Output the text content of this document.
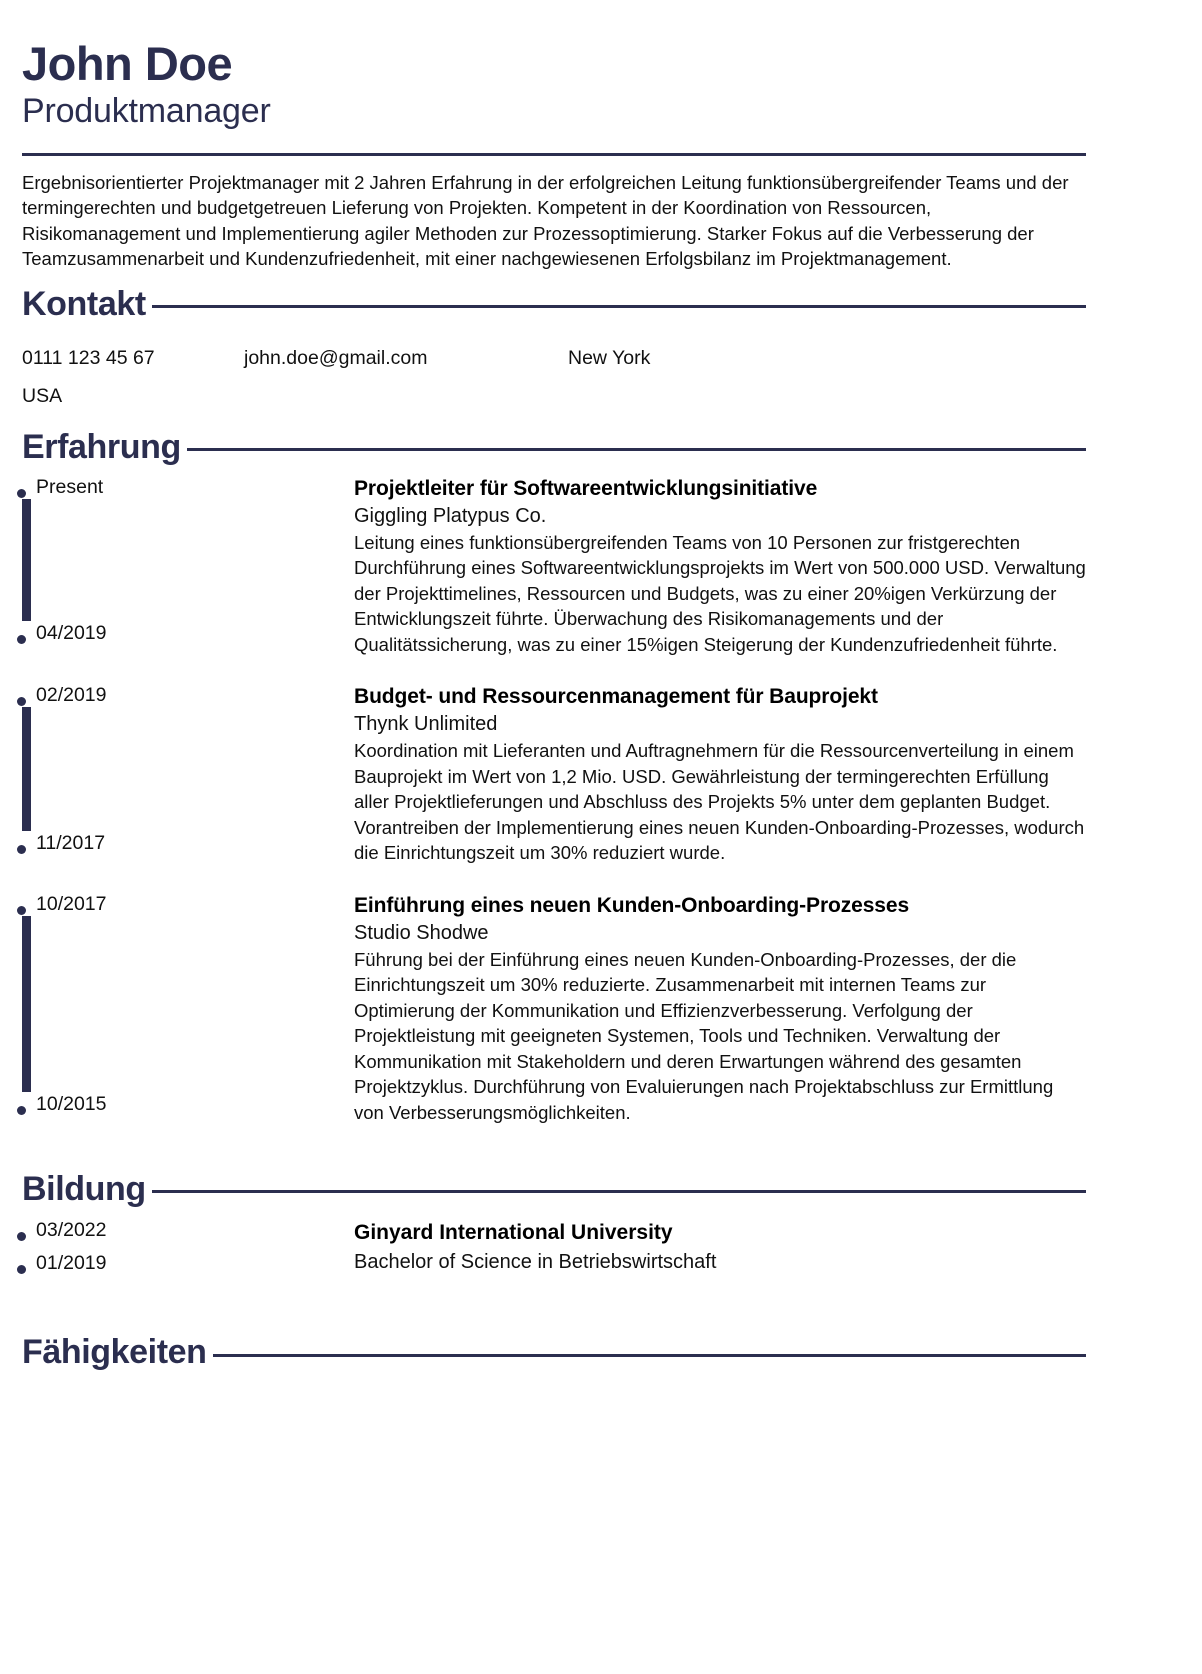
John Doe
Produktmanager

Ergebnisorientierter Projektmanager mit 2 Jahren Erfahrung in der erfolgreichen Leitung funktionsübergreifender Teams und der termingerechten und budgetgetreuen Lieferung von Projekten. Kompetent in der Koordination von Ressourcen, Risikomanagement und Implementierung agiler Methoden zur Prozessoptimierung. Starker Fokus auf die Verbesserung der Teamzusammenarbeit und Kundenzufriedenheit, mit einer nachgewiesenen Erfolgsbilanz im Projektmanagement.

Kontakt
0111 123 45 67	john.doe@gmail.com	New York
USA
Erfahrung
Present
04/2019

Projektleiter für Softwareentwicklungsinitiative

Giggling Platypus Co.

Leitung eines funktionsübergreifenden Teams von 10 Personen zur fristgerechten Durchführung eines Softwareentwicklungsprojekts im Wert von 500.000 USD. Verwaltung der Projekttimelines, Ressourcen und Budgets, was zu einer 20%igen Verkürzung der Entwicklungszeit führte. Überwachung des Risikomanagements und der Qualitätssicherung, was zu einer 15%igen Steigerung der Kundenzufriedenheit führte.

02/2019
11/2017

Budget- und Ressourcenmanagement für Bauprojekt

Thynk Unlimited

Koordination mit Lieferanten und Auftragnehmern für die Ressourcenverteilung in einem Bauprojekt im Wert von 1,2 Mio. USD. Gewährleistung der termingerechten Erfüllung aller Projektlieferungen und Abschluss des Projekts 5% unter dem geplanten Budget. Vorantreiben der Implementierung eines neuen Kunden-Onboarding-Prozesses, wodurch die Einrichtungszeit um 30% reduziert wurde.

10/2017
10/2015

Einführung eines neuen Kunden-Onboarding-Prozesses

Studio Shodwe

Führung bei der Einführung eines neuen Kunden-Onboarding-Prozesses, der die Einrichtungszeit um 30% reduzierte. Zusammenarbeit mit internen Teams zur Optimierung der Kommunikation und Effizienzverbesserung. Verfolgung der Projektleistung mit geeigneten Systemen, Tools und Techniken. Verwaltung der Kommunikation mit Stakeholdern und deren Erwartungen während des gesamten Projektzyklus. Durchführung von Evaluierungen nach Projektabschluss zur Ermittlung von Verbesserungsmöglichkeiten.

Bildung
03/2022
01/2019

Ginyard International University

Bachelor of Science in Betriebswirtschaft

Fähigkeiten
